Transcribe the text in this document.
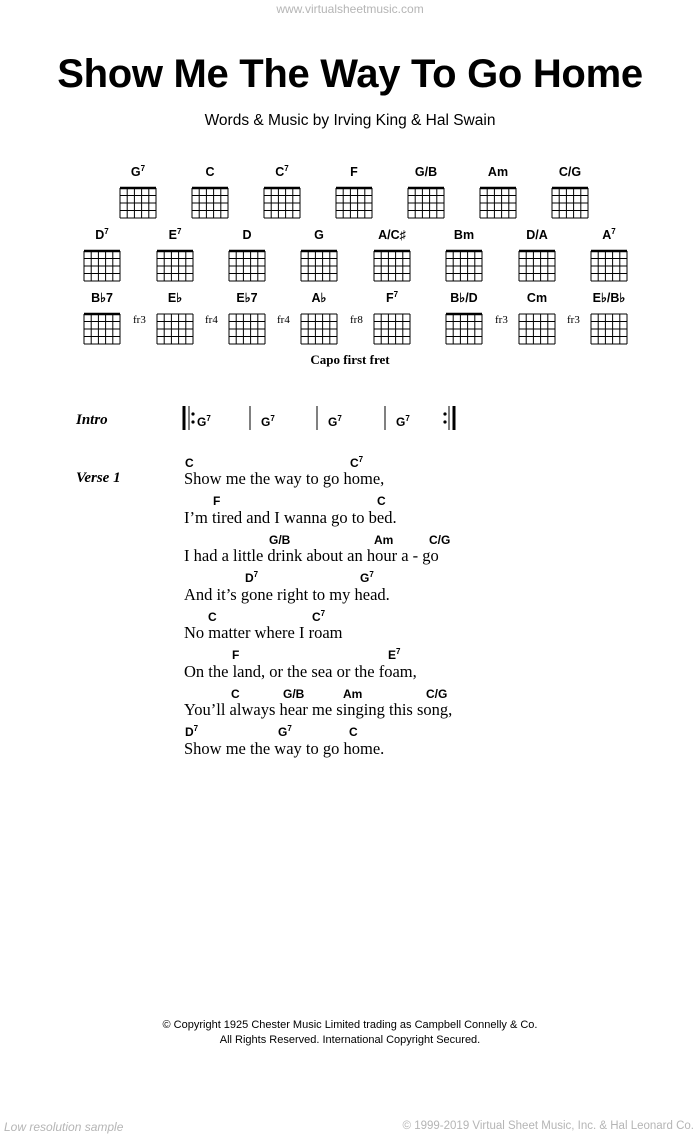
www.virtualsheetmusic.com
Show Me The Way To Go Home
Words & Music by Irving King & Hal Swain
$G^7$	C	$C^7$	F	G/B	Am	C/G
$D^7$	$E^7$	D	G	A/C♯	Bm	D/A	$A^7$
B♭7	E♭
fr3
E♭7
fr4
A♭
fr4
$F^7$
fr8
B♭/D	Cm
fr3
E♭/B♭
fr3
Capo first fret
Intro	$G^7$	$G^7$	$G^7$	$G^7$
Verse 1
C	$C^7$
Show me the way to go home,
F	C
I’m tired and I wanna go to bed.
G/B	Am	C/G
I had a little drink about an hour a - go
$D^7$	$G^7$
And it’s gone right to my head.
C	$C^7$
No matter where I roam
F	$E^7$
On the land, or the sea or the foam,
C	G/B	Am	C/G
You’ll always hear me singing this song,
$D^7$	$G^7$	C
Show me the way to go home.
© Copyright 1925 Chester Music Limited trading as Campbell Connelly & Co.
All Rights Reserved. International Copyright Secured.
Low resolution sample	© 1999-2019 Virtual Sheet Music, Inc. & Hal Leonard Co.
